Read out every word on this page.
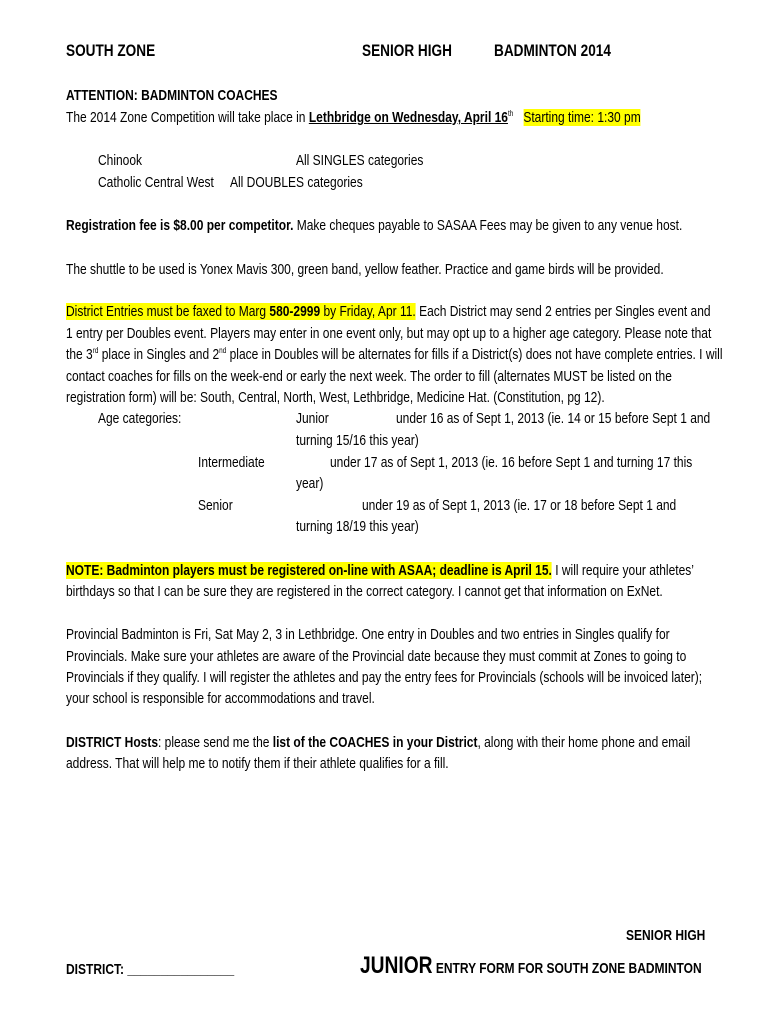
SOUTH ZONE	SENIOR HIGH	BADMINTON 2014
ATTENTION: BADMINTON COACHES
The 2014 Zone Competition will take place in Lethbridge on Wednesday, April 16th Starting time: 1:30 pm
Chinook	All SINGLES categories
Catholic Central West	All DOUBLES categories
Registration fee is $8.00 per competitor. Make cheques payable to SASAA Fees may be given to any venue host.
The shuttle to be used is Yonex Mavis 300, green band, yellow feather. Practice and game birds will be provided.
District Entries must be faxed to Marg 580-2999 by Friday, Apr 11. Each District may send 2 entries per Singles event and
1 entry per Doubles event. Players may enter in one event only, but may opt up to a higher age category. Please note that
the 3rd place in Singles and 2nd place in Doubles will be alternates for fills if a District(s) does not have complete entries. I will
contact coaches for fills on the week-end or early the next week. The order to fill (alternates MUST be listed on the
registration form) will be: South, Central, North, West, Lethbridge, Medicine Hat. (Constitution, pg 12).
Age categories:	Junior	under 16 as of Sept 1, 2013 (ie. 14 or 15 before Sept 1 and
turning 15/16 this year)
Intermediate	under 17 as of Sept 1, 2013 (ie. 16 before Sept 1 and turning 17 this
year)
Senior	under 19 as of Sept 1, 2013 (ie. 17 or 18 before Sept 1 and
turning 18/19 this year)
NOTE: Badminton players must be registered on-line with ASAA; deadline is April 15. I will require your athletes’
birthdays so that I can be sure they are registered in the correct category. I cannot get that information on ExNet.
Provincial Badminton is Fri, Sat May 2, 3 in Lethbridge. One entry in Doubles and two entries in Singles qualify for
Provincials. Make sure your athletes are aware of the Provincial date because they must commit at Zones to going to
Provincials if they qualify. I will register the athletes and pay the entry fees for Provincials (schools will be invoiced later);
your school is responsible for accommodations and travel.
DISTRICT Hosts: please send me the list of the COACHES in your District, along with their home phone and email
address. That will help me to notify them if their athlete qualifies for a fill.
SENIOR HIGH
DISTRICT: ________________	JUNIOR ENTRY FORM FOR SOUTH ZONE BADMINTON
